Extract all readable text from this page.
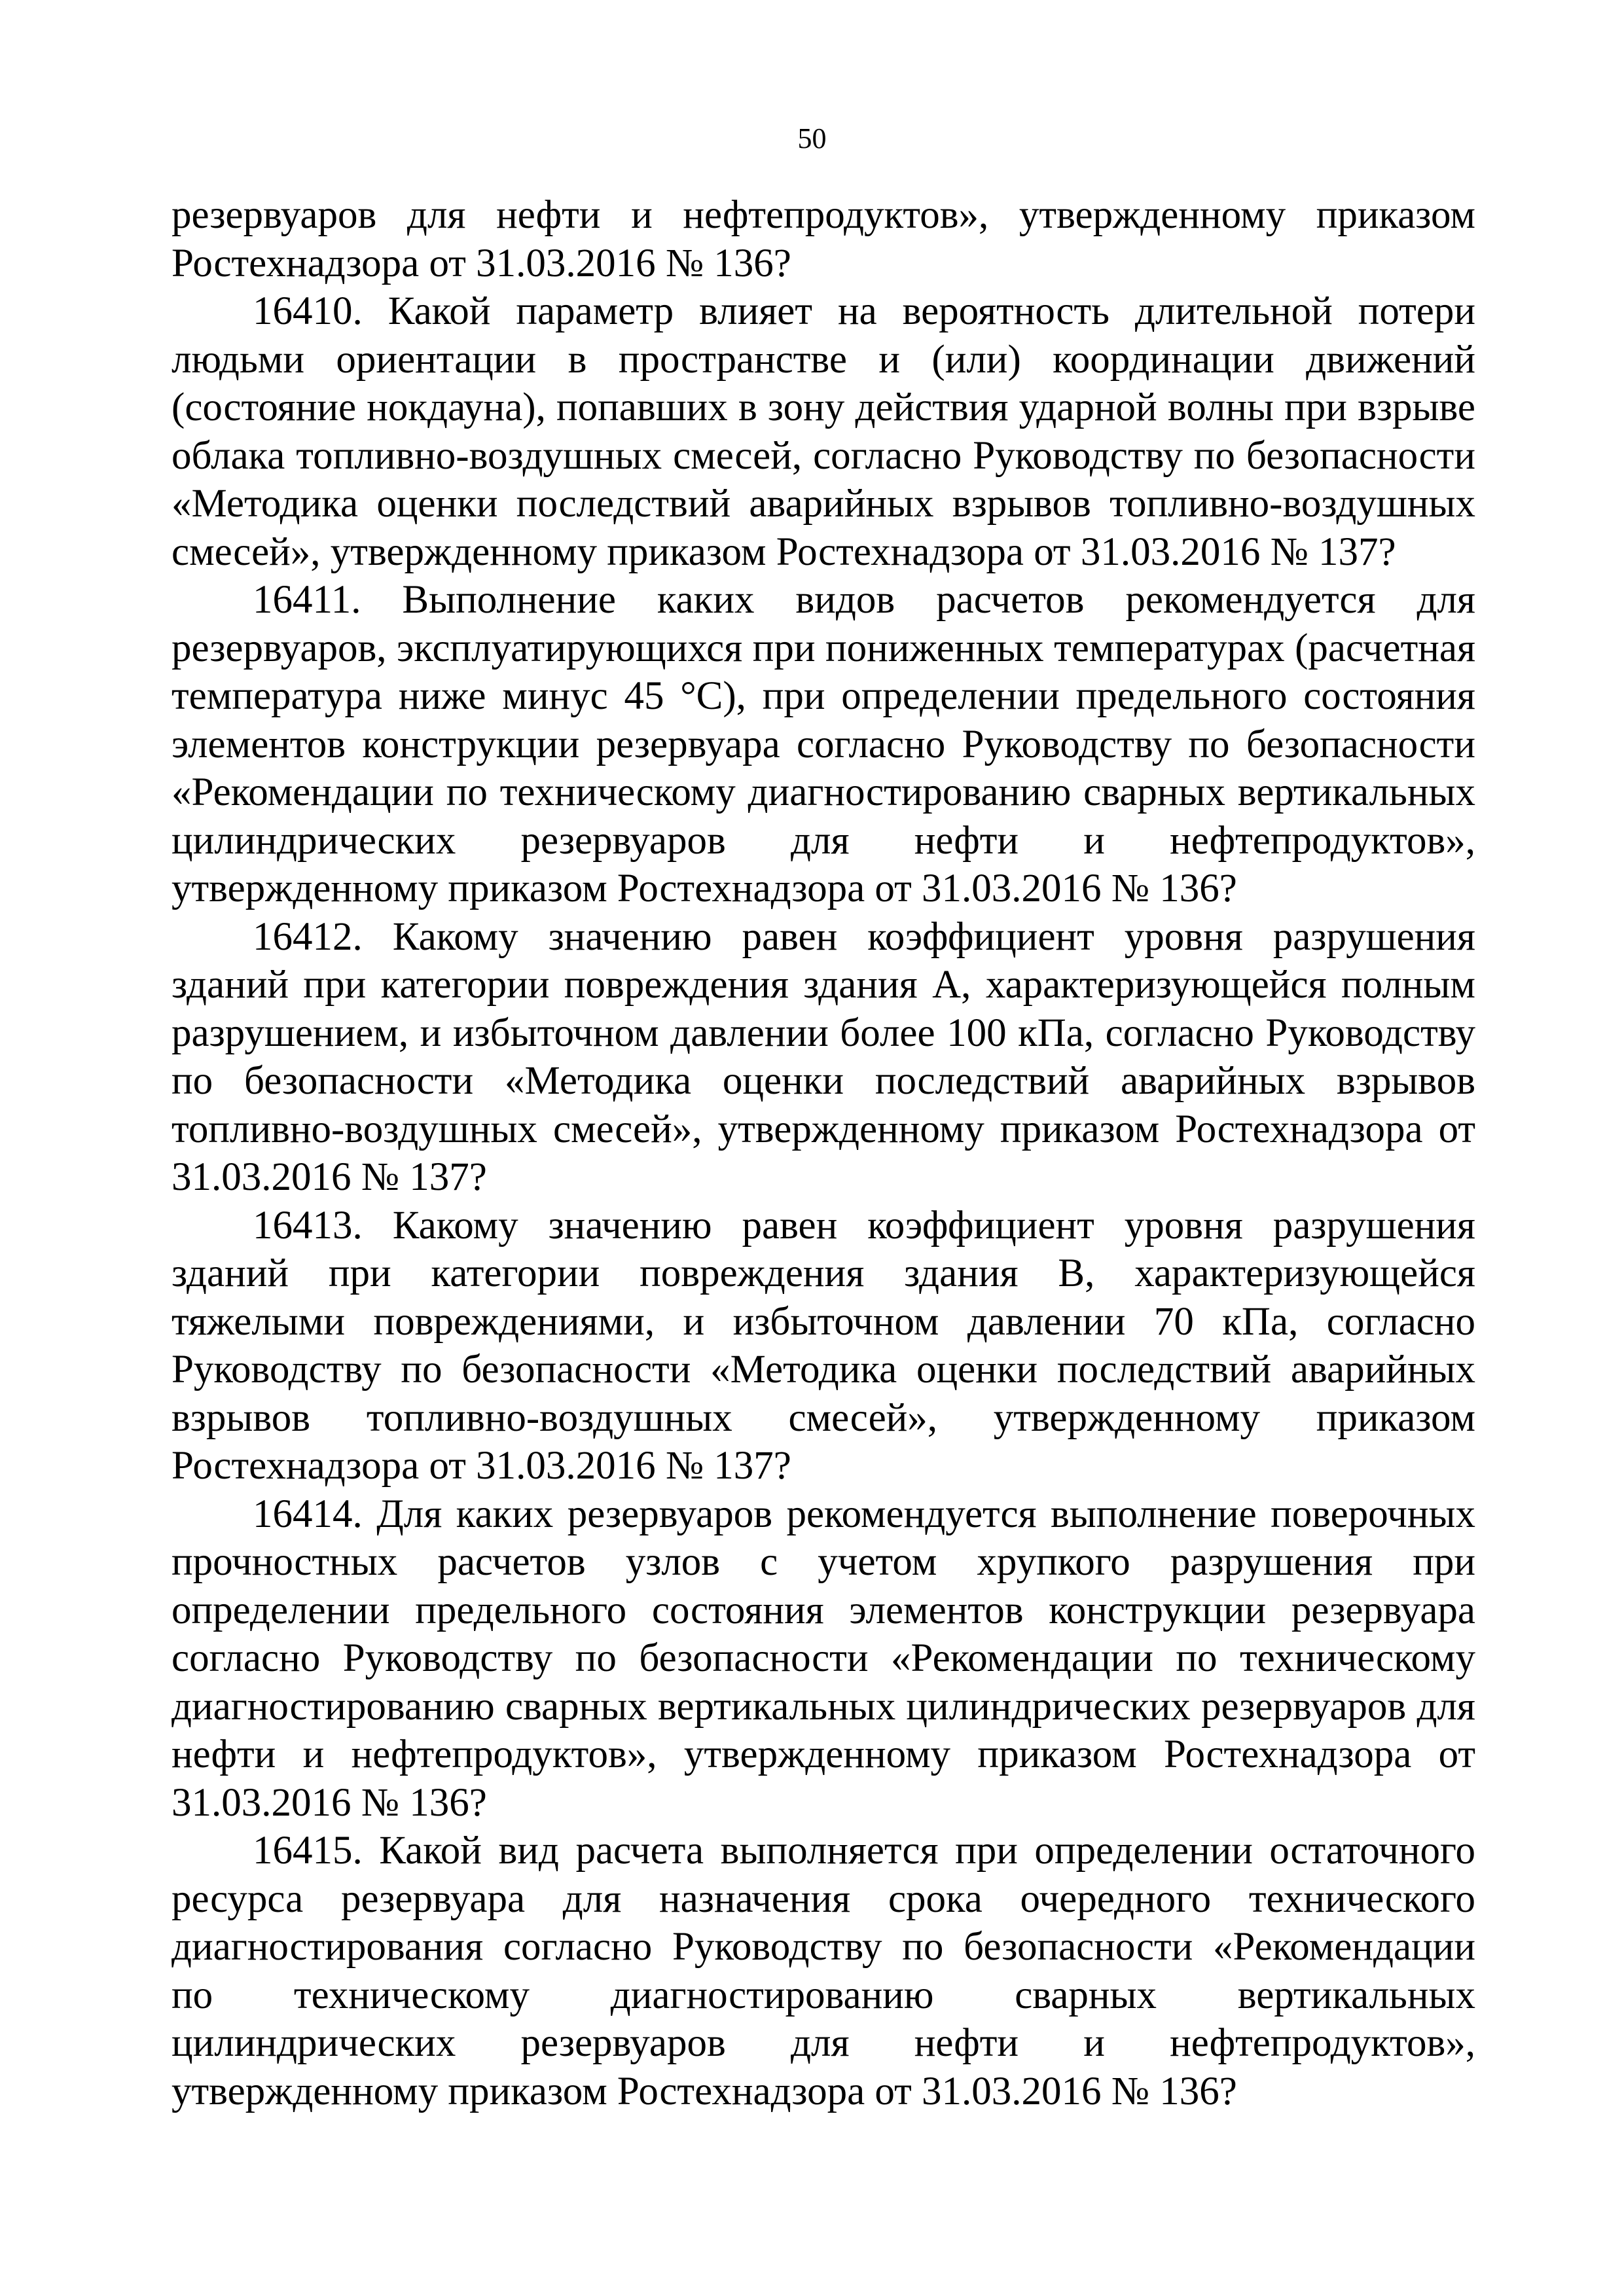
50

резервуаров для нефти и нефтепродуктов», утвержденному приказом Ростехнадзора от 31.03.2016 № 136?

16410. Какой параметр влияет на вероятность длительной потери людьми ориентации в пространстве и (или) координации движений (состояние нокдауна), попавших в зону действия ударной волны при взрыве облака топливно-воздушных смесей, согласно Руководству по безопасности «Методика оценки последствий аварийных взрывов топливно-воздушных смесей», утвержденному приказом Ростехнадзора от 31.03.2016 № 137?

16411. Выполнение каких видов расчетов рекомендуется для резервуаров, эксплуатирующихся при пониженных температурах (расчетная температура ниже минус 45 °С), при определении предельного состояния элементов конструкции резервуара согласно Руководству по безопасности «Рекомендации по техническому диагностированию сварных вертикальных цилиндрических резервуаров для нефти и нефтепродуктов», утвержденному приказом Ростехнадзора от 31.03.2016 № 136?

16412. Какому значению равен коэффициент уровня разрушения зданий при категории повреждения здания А, характеризующейся полным разрушением, и избыточном давлении более 100 кПа, согласно Руководству по безопасности «Методика оценки последствий аварийных взрывов топливно-воздушных смесей», утвержденному приказом Ростехнадзора от 31.03.2016 № 137?

16413. Какому значению равен коэффициент уровня разрушения зданий при категории повреждения здания В, характеризующейся тяжелыми повреждениями, и избыточном давлении 70 кПа, согласно Руководству по безопасности «Методика оценки последствий аварийных взрывов топливно-воздушных смесей», утвержденному приказом Ростехнадзора от 31.03.2016 № 137?

16414. Для каких резервуаров рекомендуется выполнение поверочных прочностных расчетов узлов с учетом хрупкого разрушения при определении предельного состояния элементов конструкции резервуара согласно Руководству по безопасности «Рекомендации по техническому диагностированию сварных вертикальных цилиндрических резервуаров для нефти и нефтепродуктов», утвержденному приказом Ростехнадзора от 31.03.2016 № 136?

16415. Какой вид расчета выполняется при определении остаточного ресурса резервуара для назначения срока очередного технического диагностирования согласно Руководству по безопасности «Рекомендации по техническому диагностированию сварных вертикальных цилиндрических резервуаров для нефти и нефтепродуктов», утвержденному приказом Ростехнадзора от 31.03.2016 № 136?
